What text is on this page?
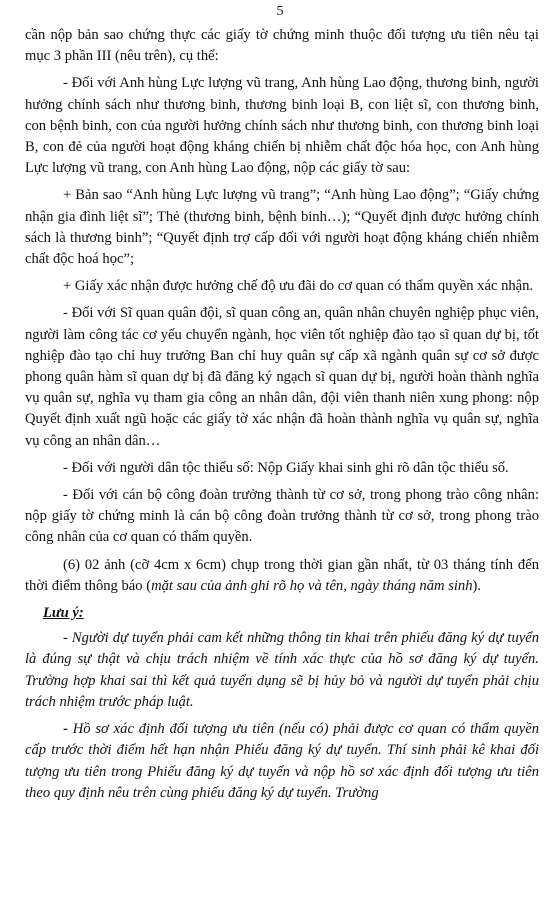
5

cần nộp bản sao chứng thực các giấy tờ chứng minh thuộc đối tượng ưu tiên nêu tại mục 3 phần III (nêu trên), cụ thể:

- Đối với Anh hùng Lực lượng vũ trang, Anh hùng Lao động, thương binh, người hưởng chính sách như thương binh, thương binh loại B, con liệt sĩ, con thương binh, con bệnh binh, con của người hưởng chính sách như thương binh, con thương binh loại B, con đẻ của người hoạt động kháng chiến bị nhiễm chất độc hóa học, con Anh hùng Lực lượng vũ trang, con Anh hùng Lao động, nộp các giấy tờ sau:

+ Bản sao “Anh hùng Lực lượng vũ trang”; “Anh hùng Lao động”; “Giấy chứng nhận gia đình liệt sĩ”; Thẻ (thương binh, bệnh binh…); “Quyết định được hưởng chính sách là thương binh”; “Quyết định trợ cấp đối với người hoạt động kháng chiến nhiễm chất độc hoá học”;

+ Giấy xác nhận được hưởng chế độ ưu đãi do cơ quan có thẩm quyền xác nhận.

- Đối với Sĩ quan quân đội, sĩ quan công an, quân nhân chuyên nghiệp phục viên, người làm công tác cơ yếu chuyển ngành, học viên tốt nghiệp đào tạo sĩ quan dự bị, tốt nghiệp đào tạo chỉ huy trưởng Ban chỉ huy quân sự cấp xã ngành quân sự cơ sở được phong quân hàm sĩ quan dự bị đã đăng ký ngạch sĩ quan dự bị, người hoàn thành nghĩa vụ quân sự, nghĩa vụ tham gia công an nhân dân, đội viên thanh niên xung phong: nộp Quyết định xuất ngũ hoặc các giấy tờ xác nhận đã hoàn thành nghĩa vụ quân sự, nghĩa vụ công an nhân dân…

- Đối với người dân tộc thiểu số: Nộp Giấy khai sinh ghi rõ dân tộc thiểu số.

- Đối với cán bộ công đoàn trưởng thành từ cơ sở, trong phong trào công nhân: nộp giấy tờ chứng minh là cán bộ công đoàn trưởng thành từ cơ sở, trong phong trào công nhân của cơ quan có thẩm quyền.

(6) 02 ảnh (cỡ 4cm x 6cm) chụp trong thời gian gần nhất, từ 03 tháng tính đến thời điểm thông báo (mặt sau của ảnh ghi rõ họ và tên, ngày tháng năm sinh).

Lưu ý:

- Người dự tuyển phải cam kết những thông tin khai trên phiếu đăng ký dự tuyển là đúng sự thật và chịu trách nhiệm về tính xác thực của hồ sơ đăng ký dự tuyển. Trường hợp khai sai thì kết quả tuyển dụng sẽ bị hủy bỏ và người dự tuyển phải chịu trách nhiệm trước pháp luật.

- Hồ sơ xác định đối tượng ưu tiên (nếu có) phải được cơ quan có thẩm quyền cấp trước thời điểm hết hạn nhận Phiếu đăng ký dự tuyển. Thí sinh phải kê khai đối tượng ưu tiên trong Phiếu đăng ký dự tuyển và nộp hồ sơ xác định đối tượng ưu tiên theo quy định nêu trên cùng phiếu đăng ký dự tuyển. Trường
